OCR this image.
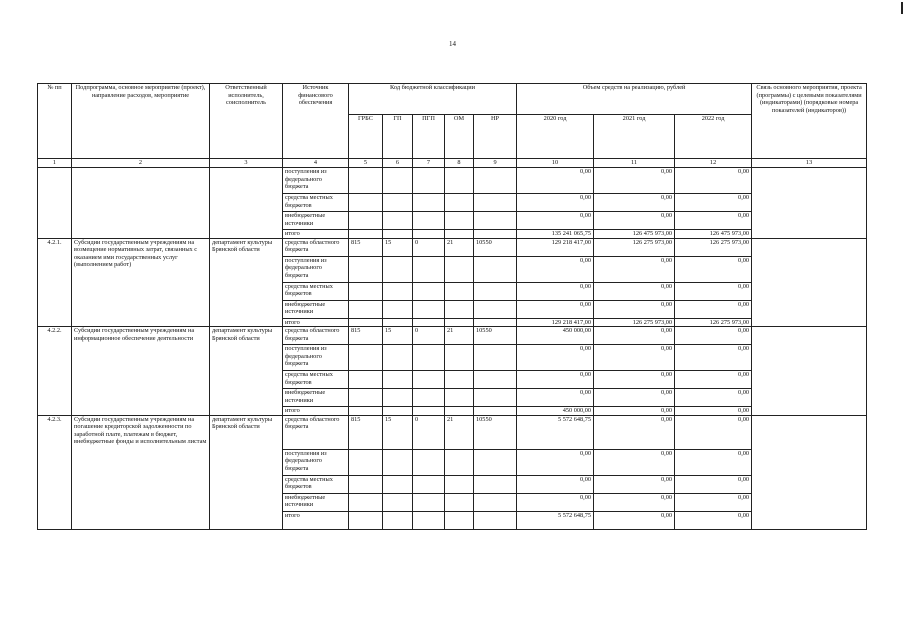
14
№ пп	Подпрограмма, основное мероприятие (проект), направление расходов, мероприятие	Ответственный исполнитель, соисполнитель	Источник финансового обеспечения	Код бюджетной классификации					Объем средств на реализацию, рублей			Связь основного мероприятия, проекта (программы) с целевыми показателями (индикаторами) (порядковые номера показателей (индикаторов))
				ГРБС	ГП	ПГП	ОМ	НР	2020 год	2021 год	2022 год	
1	2	3	4	5	6	7	8	9	10	11	12	13
			поступления из федерального бюджета						0,00	0,00	0,00	
			средства местных бюджетов						0,00	0,00	0,00	
			внебюджетные источники						0,00	0,00	0,00	
			итого						135 241 065,75	126 475 973,00	126 475 973,00	
4.2.1.	Субсидии государственным учреждениям на возмещение нормативных затрат, связанных с оказанием ими государственных услуг (выполнением работ)	департамент культуры Брянской области	средства областного бюджета	815	15	0	21	10550	129 218 417,00	126 275 973,00	126 275 973,00	
			поступления из федерального бюджета						0,00	0,00	0,00	
			средства местных бюджетов						0,00	0,00	0,00	
			внебюджетные источники						0,00	0,00	0,00	
			итого						129 218 417,00	126 275 973,00	126 275 973,00	
4.2.2.	Субсидии государственным учреждениям на информационное обеспечение деятельности	департамент культуры Брянской области	средства областного бюджета	815	15	0	21	10550	450 000,00	0,00	0,00	
			поступления из федерального бюджета						0,00	0,00	0,00	
			средства местных бюджетов						0,00	0,00	0,00	
			внебюджетные источники						0,00	0,00	0,00	
			итого						450 000,00	0,00	0,00	
4.2.3.	Субсидии государственным учреждениям на погашение кредиторской задолженности по заработной плате, платежам в бюджет, внебюджетные фонды и исполнительным листам	департамент культуры Брянской области	средства областного бюджета	815	15	0	21	10550	5 572 648,75	0,00	0,00	
			поступления из федерального бюджета						0,00	0,00	0,00	
			средства местных бюджетов						0,00	0,00	0,00	
			внебюджетные источники						0,00	0,00	0,00	
			итого						5 572 648,75	0,00	0,00	
